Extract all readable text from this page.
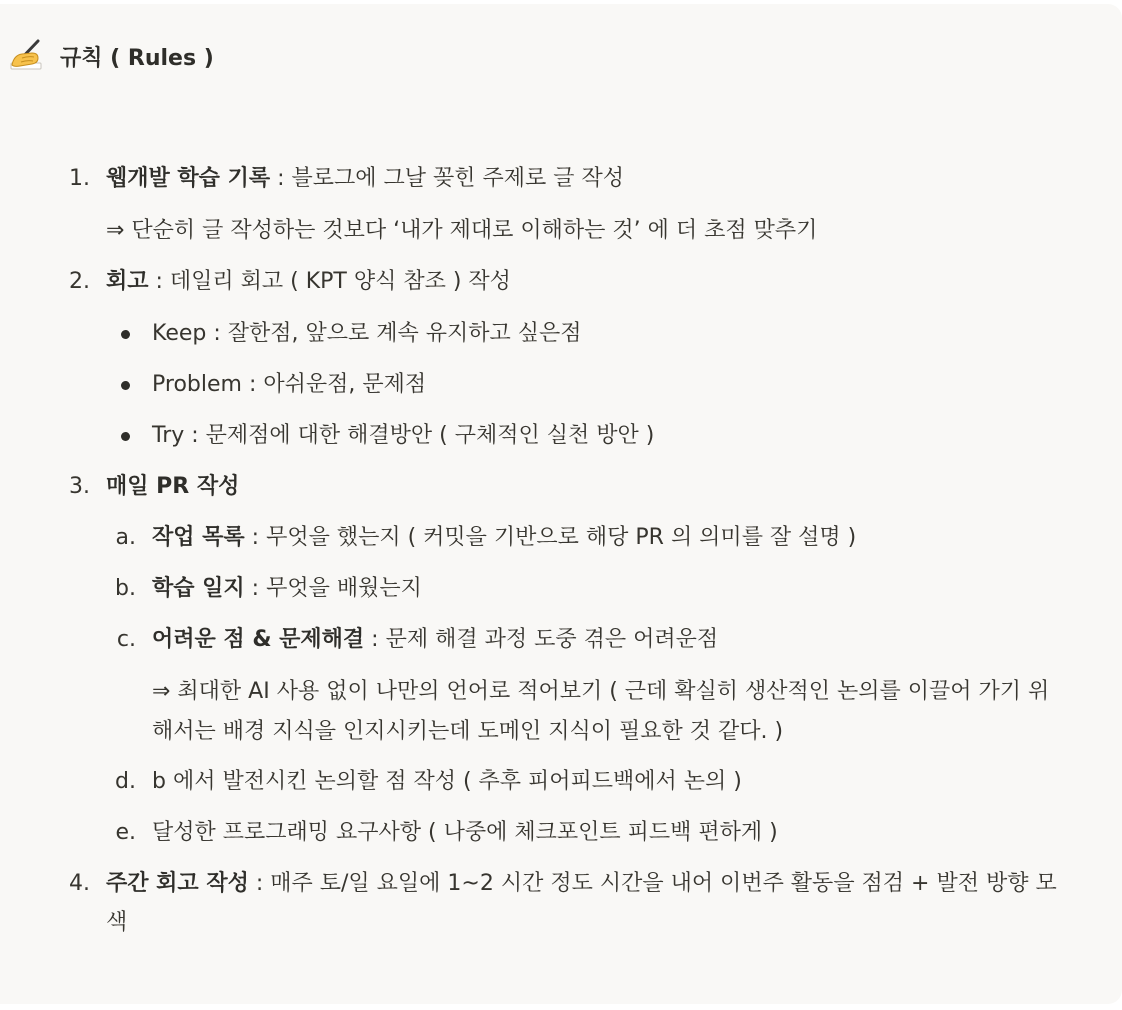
규칙 ( Rules )
1. 웹개발 학습 기록 : 블로그에 그날 꽂힌 주제로 글 작성
⇒ 단순히 글 작성하는 것보다 ‘내가 제대로 이해하는 것’ 에 더 초점 맞추기
2. 회고 : 데일리 회고 ( KPT 양식 참조 ) 작성
Keep : 잘한점, 앞으로 계속 유지하고 싶은점
Problem : 아쉬운점, 문제점
Try : 문제점에 대한 해결방안 ( 구체적인 실천 방안 )
3. 매일 PR 작성
a. 작업 목록 : 무엇을 했는지 ( 커밋을 기반으로 해당 PR 의 의미를 잘 설명 )
b. 학습 일지 : 무엇을 배웠는지
c. 어려운 점 & 문제해결 : 문제 해결 과정 도중 겪은 어려운점
⇒ 최대한 AI 사용 없이 나만의 언어로 적어보기 ( 근데 확실히 생산적인 논의를 이끌어 가기 위
해서는 배경 지식을 인지시키는데 도메인 지식이 필요한 것 같다. )
d. b 에서 발전시킨 논의할 점 작성 ( 추후 피어피드백에서 논의 )
e. 달성한 프로그래밍 요구사항 ( 나중에 체크포인트 피드백 편하게 )
4. 주간 회고 작성 : 매주 토/일 요일에 1~2 시간 정도 시간을 내어 이번주 활동을 점검 + 발전 방향 모
색
